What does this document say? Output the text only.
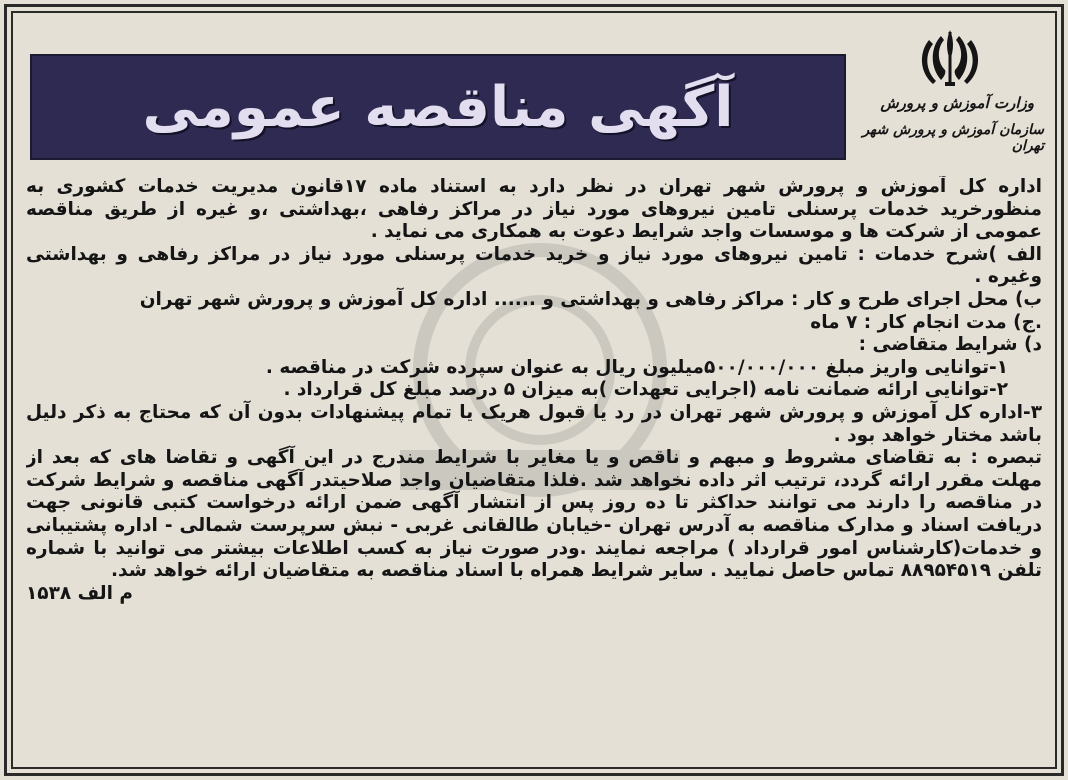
آگهی مناقصه عمومی	وزارت آموزش و پرورش
سازمان آموزش و پرورش شهر تهران

اداره کل آموزش و پرورش شهر تهران در نظر دارد به استناد ماده ۱۷قانون مدیریت خدمات کشوری به منظورخرید خدمات پرسنلی تامین نیروهای مورد نیاز در مراکز رفاهی ،بهداشتی ،و غیره از طریق مناقصه عمومی از شرکت ها و موسسات واجد شرایط دعوت به همکاری می نماید .

الف )شرح خدمات : تامین نیروهای مورد نیاز و خرید خدمات پرسنلی مورد نیاز در مراکز رفاهی و بهداشتی وغیره .

ب) محل اجرای طرح و کار : مراکز رفاهی و بهداشتی و ...... اداره کل آموزش و پرورش شهر تهران

.ج) مدت انجام کار : ۷ ماه

د) شرایط متقاضی :

۱-توانایی واریز مبلغ ۵۰۰/۰۰۰/۰۰۰میلیون ریال به عنوان سپرده شرکت در مناقصه .

۲-توانایی ارائه ضمانت نامه (اجرایی تعهدات )به میزان ۵ درصد مبلغ کل قرارداد .

۳-اداره کل آموزش و پرورش شهر تهران در رد یا قبول هریک یا تمام پیشنهادات بدون آن که محتاج به ذکر دلیل باشد مختار خواهد بود .

تبصره : به تقاضای مشروط و مبهم و ناقص و یا مغایر با شرایط مندرج در این آگهی و تقاضا های که بعد از مهلت مقرر ارائه گردد، ترتیب اثر داده نخواهد شد .فلذا متقاضیان واجد صلاحیتدر آگهی مناقصه و شرایط شرکت در مناقصه را دارند می توانند حداکثر تا ده روز پس از انتشار آگهی ضمن ارائه درخواست کتبی قانونی جهت دریافت اسناد و مدارک مناقصه به آدرس تهران -خیابان طالقانی غربی - نبش سرپرست شمالی - اداره پشتیبانی و خدمات(کارشناس امور قرارداد ) مراجعه نمایند .ودر صورت نیاز به کسب اطلاعات بیشتر می توانید با شماره تلفن ۸۸۹۵۴۵۱۹ تماس حاصل نمایید . سایر شرایط همراه با اسناد مناقصه به متقاضیان ارائه خواهد شد.

م الف ۱۵۳۸
